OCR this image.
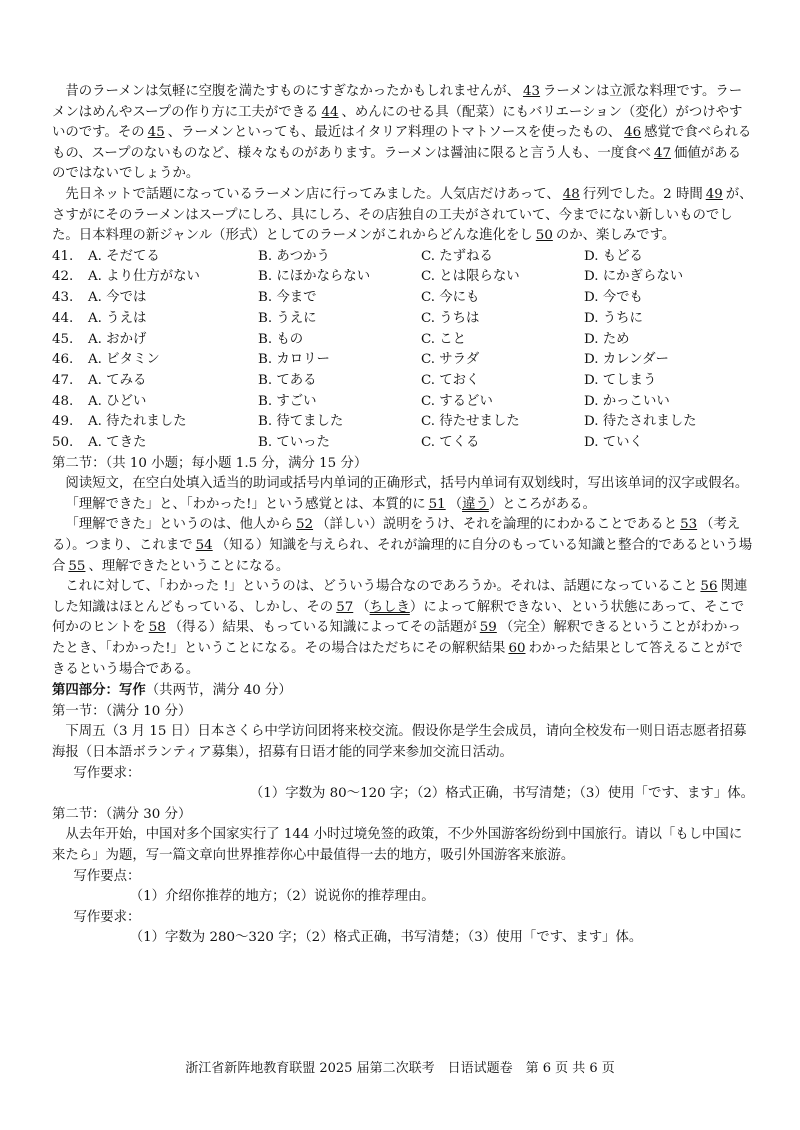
昔のラーメンは気軽に空腹を満たすものにすぎなかったかもしれませんが、 43 ラーメンは立派な料理です。ラーメンはめんやスープの作り方に工夫ができる 44 、めんにのせる具（配菜）にもバリエーション（変化）がつけやすいのです。その 45 、ラーメンといっても、最近はイタリア料理のトマトソースを使ったもの、 46 感覚で食べられるもの、スープのないものなど、様々なものがあります。ラーメンは醤油に限ると言う人も、一度食べ 47 価値があるのではないでしょうか。

先日ネットで話題になっているラーメン店に行ってみました。人気店だけあって、 48 行列でした。2 時間 49 が、さすがにそのラーメンはスープにしろ、具にしろ、その店独自の工夫がされていて、今までにない新しいものでした。日本料理の新ジャンル（形式）としてのラーメンがこれからどんな進化をし 50 のか、楽しみです。

41.	A. そだてる	B. あつかう	C. たずねる	D. もどる
42.	A. より仕方がない	B. にほかならない	C. とは限らない	D. にかぎらない
43.	A. 今では	B. 今まで	C. 今にも	D. 今でも
44.	A. うえは	B. うえに	C. うちは	D. うちに
45.	A. おかげ	B. もの	C. こと	D. ため
46.	A. ビタミン	B. カロリー	C. サラダ	D. カレンダー
47.	A. てみる	B. てある	C. ておく	D. てしまう
48.	A. ひどい	B. すごい	C. するどい	D. かっこいい
49.	A. 待たれました	B. 待てました	C. 待たせました	D. 待たされました
50.	A. てきた	B. ていった	C. てくる	D. ていく

第二节：（共 10 小题；每小题 1.5 分，满分 15 分）

阅读短文，在空白处填入适当的助词或括号内单词的正确形式，括号内单词有双划线时，写出该单词的汉字或假名。

「理解できた」と、「わかった!」という感覚とは、本質的に 51 （違う）ところがある。

「理解できた」というのは、他人から 52 （詳しい）説明をうけ、それを論理的にわかることであると 53 （考える）。つまり、これまで 54 （知る）知識を与えられ、それが論理的に自分のもっている知識と整合的であるという場合 55 、理解できたということになる。

これに対して、「わかった !」というのは、どういう場合なのであろうか。それは、話題になっていること 56 関連した知識はほとんどもっている、しかし、その 57 （ちしき）によって解釈できない、という状態にあって、そこで何かのヒントを 58 （得る）結果、もっている知識によってその話題が 59 （完全）解釈できるということがわかったとき、「わかった!」ということになる。その場合はただちにその解釈結果 60 わかった結果として答えることができるという場合である。

第四部分：写作（共两节，满分 40 分）

第一节：（满分 10 分）

下周五（3 月 15 日）日本さくら中学访问团将来校交流。假设你是学生会成员，请向全校发布一则日语志愿者招募海报（日本語ボランティア募集），招募有日语才能的同学来参加交流日活动。

写作要求：

（1）字数为 80～120 字；（2）格式正确，书写清楚；（3）使用「です、ます」体。

第二节：（满分 30 分）

从去年开始，中国对多个国家实行了 144 小时过境免签的政策，不少外国游客纷纷到中国旅行。请以「もし中国に来たら」为题，写一篇文章向世界推荐你心中最值得一去的地方，吸引外国游客来旅游。

写作要点：

（1）介绍你推荐的地方；（2）说说你的推荐理由。

写作要求：

（1）字数为 280～320 字；（2）格式正确，书写清楚；（3）使用「です、ます」体。

浙江省新阵地教育联盟 2025 届第二次联考　日语试题卷　第 6 页 共 6 页
